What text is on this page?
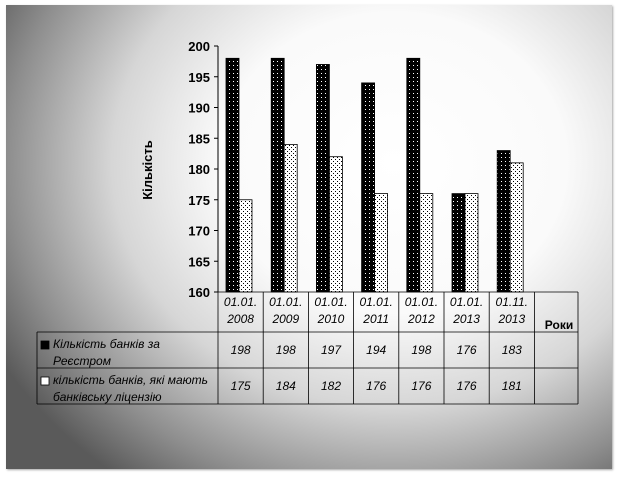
Кількість
160
165
170
175
180
185
190
195
200
01.01.
2008
01.01.
2009
01.01.
2010
01.01.
2011
01.01.
2012
01.01.
2013
01.11.
2013
Кількість банків за
Реєстром
198 198 197 194 198 176 183
кількість банків, які мають
банківську ліцензію
175 184 182 176 176 176 181
Роки
